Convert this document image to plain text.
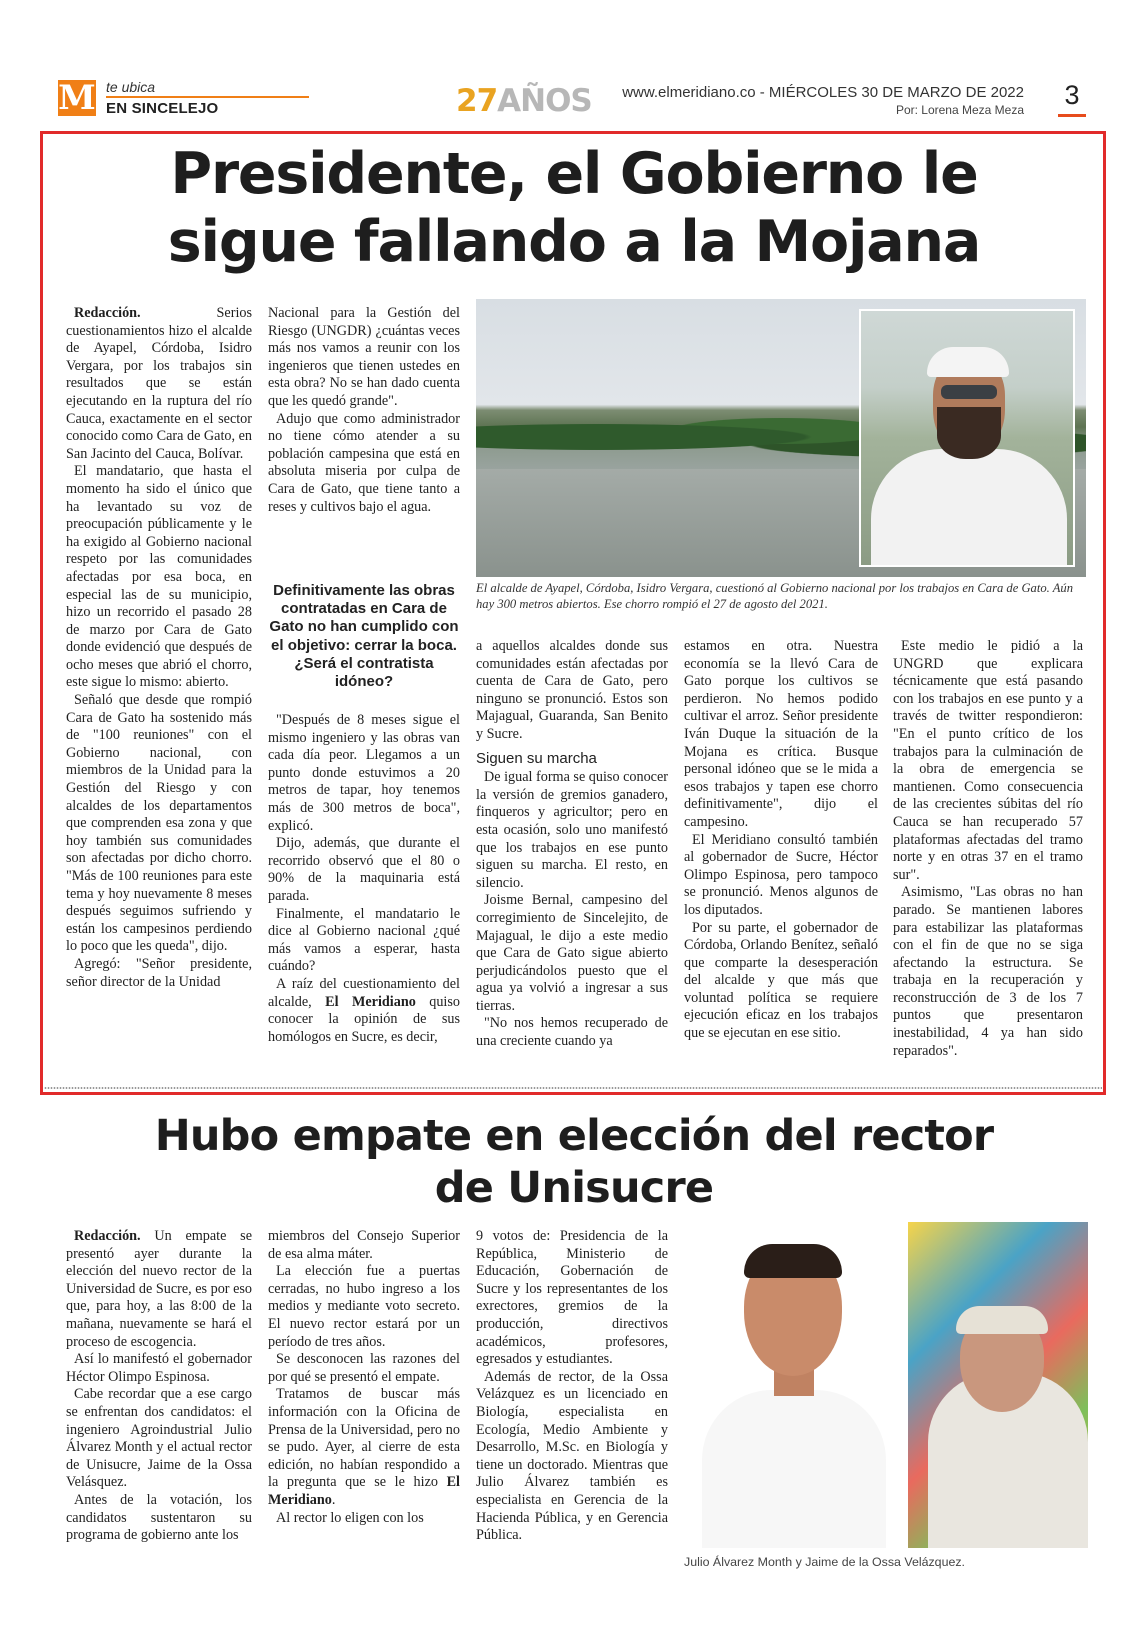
M te ubica
EN SINCELEJO	27AÑOS www.elmeridiano.co - MIÉRCOLES 30 DE MARZO DE 2022
Por: Lorena Meza Meza 3
Presidente, el Gobierno le
sigue fallando a la Mojana

Redacción. Serios cuestionamientos hizo el alcalde de Ayapel, Córdoba, Isidro Vergara, por los trabajos sin resultados que se están ejecutando en la ruptura del río Cauca, exactamente en el sector conocido como Cara de Gato, en San Jacinto del Cauca, Bolívar.

El mandatario, que hasta el momento ha sido el único que ha levantado su voz de preocupación públicamente y le ha exigido al Gobierno nacional respeto por las comunidades afectadas por esa boca, en especial las de su municipio, hizo un recorrido el pasado 28 de marzo por Cara de Gato donde evidenció que después de ocho meses que abrió el chorro, este sigue lo mismo: abierto.

Señaló que desde que rompió Cara de Gato ha sostenido más de "100 reuniones" con el Gobierno nacional, con miembros de la Unidad para la Gestión del Riesgo y con alcaldes de los departamentos que comprenden esa zona y que hoy también sus comunidades son afectadas por dicho chorro. "Más de 100 reuniones para este tema y hoy nuevamente 8 meses después seguimos sufriendo y están los campesinos perdiendo lo poco que les queda", dijo.

Agregó: "Señor presidente, señor director de la Unidad

Nacional para la Gestión del Riesgo (UNGDR) ¿cuántas veces más nos vamos a reunir con los ingenieros que tienen ustedes en esta obra? No se han dado cuenta que les quedó grande".

Adujo que como administrador no tiene cómo atender a su población campesina que está en absoluta miseria por culpa de Cara de Gato, que tiene tanto a reses y cultivos bajo el agua.

Definitivamente las obras contratadas en Cara de Gato no han cumplido con el objetivo: cerrar la boca. ¿Será el contratista idóneo?

"Después de 8 meses sigue el mismo ingeniero y las obras van cada día peor. Llegamos a un punto donde estuvimos a 20 metros de tapar, hoy tenemos más de 300 metros de boca", explicó.

Dijo, además, que durante el recorrido observó que el 80 o 90% de la maquinaria está parada.

Finalmente, el mandatario le dice al Gobierno nacional ¿qué más vamos a esperar, hasta cuándo?

A raíz del cuestionamiento del alcalde, El Meridiano quiso conocer la opinión de sus homólogos en Sucre, es decir,

El alcalde de Ayapel, Córdoba, Isidro Vergara, cuestionó al Gobierno nacional por los trabajos en Cara de Gato. Aún hay 300 metros abiertos. Ese chorro rompió el 27 de agosto del 2021.

a aquellos alcaldes donde sus comunidades están afectadas por cuenta de Cara de Gato, pero ninguno se pronunció. Estos son Majagual, Guaranda, San Benito y Sucre.

Siguen su marcha

De igual forma se quiso conocer la versión de gremios ganadero, finqueros y agricultor; pero en esta ocasión, solo uno manifestó que los trabajos en ese punto siguen su marcha. El resto, en silencio.

Joisme Bernal, campesino del corregimiento de Sincelejito, de Majagual, le dijo a este medio que Cara de Gato sigue abierto perjudicándolos puesto que el agua ya volvió a ingresar a sus tierras.

"No nos hemos recuperado de una creciente cuando ya

estamos en otra. Nuestra economía se la llevó Cara de Gato porque los cultivos se perdieron. No hemos podido cultivar el arroz. Señor presidente Iván Duque la situación de la Mojana es crítica. Busque personal idóneo que se le mida a esos trabajos y tapen ese chorro definitivamente", dijo el campesino.

El Meridiano consultó también al gobernador de Sucre, Héctor Olimpo Espinosa, pero tampoco se pronunció. Menos algunos de los diputados.

Por su parte, el gobernador de Córdoba, Orlando Benítez, señaló que comparte la desesperación del alcalde y que más que voluntad política se requiere ejecución eficaz en los trabajos que se ejecutan en ese sitio.

Este medio le pidió a la UNGRD que explicara técnicamente que está pasando con los trabajos en ese punto y a través de twitter respondieron: "En el punto crítico de los trabajos para la culminación de la obra de emergencia se mantienen. Como consecuencia de las crecientes súbitas del río Cauca se han recuperado 57 plataformas afectadas del tramo norte y en otras 37 en el tramo sur".

Asimismo, "Las obras no han parado. Se mantienen labores para estabilizar las plataformas con el fin de que no se siga afectando la estructura. Se trabaja en la recuperación y reconstrucción de 3 de los 7 puntos que presentaron inestabilidad, 4 ya han sido reparados".

Hubo empate en elección del rector
de Unisucre

Redacción. Un empate se presentó ayer durante la elección del nuevo rector de la Universidad de Sucre, es por eso que, para hoy, a las 8:00 de la mañana, nuevamente se hará el proceso de escogencia.

Así lo manifestó el gobernador Héctor Olimpo Espinosa.

Cabe recordar que a ese cargo se enfrentan dos candidatos: el ingeniero Agroindustrial Julio Álvarez Month y el actual rector de Unisucre, Jaime de la Ossa Velásquez.

Antes de la votación, los candidatos sustentaron su programa de gobierno ante los

miembros del Consejo Superior de esa alma máter.

La elección fue a puertas cerradas, no hubo ingreso a los medios y mediante voto secreto. El nuevo rector estará por un período de tres años.

Se desconocen las razones del por qué se presentó el empate.

Tratamos de buscar más información con la Oficina de Prensa de la Universidad, pero no se pudo. Ayer, al cierre de esta edición, no habían respondido a la pregunta que se le hizo El Meridiano.

Al rector lo eligen con los

9 votos de: Presidencia de la República, Ministerio de Educación, Gobernación de Sucre y los representantes de los exrectores, gremios de la producción, directivos académicos, profesores, egresados y estudiantes.

Además de rector, de la Ossa Velázquez es un licenciado en Biología, especialista en Ecología, Medio Ambiente y Desarrollo, M.Sc. en Biología y tiene un doctorado. Mientras que Julio Álvarez también es especialista en Gerencia de la Hacienda Pública, y en Gerencia Pública.

Julio Álvarez Month y Jaime de la Ossa Velázquez.
